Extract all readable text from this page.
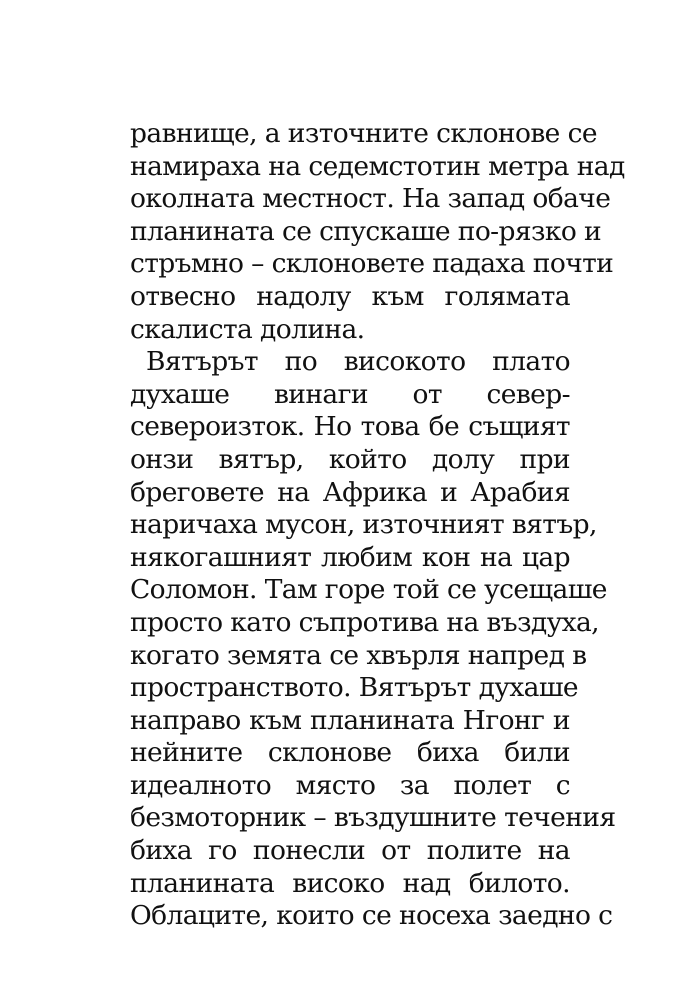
равнище, а източните склонове се
намираха на седемстотин метра над
околната местност. На запад обаче
планината се спускаше по-рязко и
стръмно – склоновете падаха почти
отвесно надолу към голямата
скалиста долина.
Вятърът по високото плато
духаше винаги от север-
североизток. Но това бе същият
онзи вятър, който долу при
бреговете на Африка и Арабия
наричаха мусон, източният вятър,
някогашният любим кон на цар
Соломон. Там горе той се усещаше
просто като съпротива на въздуха,
когато земята се хвърля напред в
пространството. Вятърът духаше
направо към планината Нгонг и
нейните склонове биха били
идеалното място за полет с
безмоторник – въздушните течения
биха го понесли от полите на
планината високо над билото.
Облаците, които се носеха заедно с
